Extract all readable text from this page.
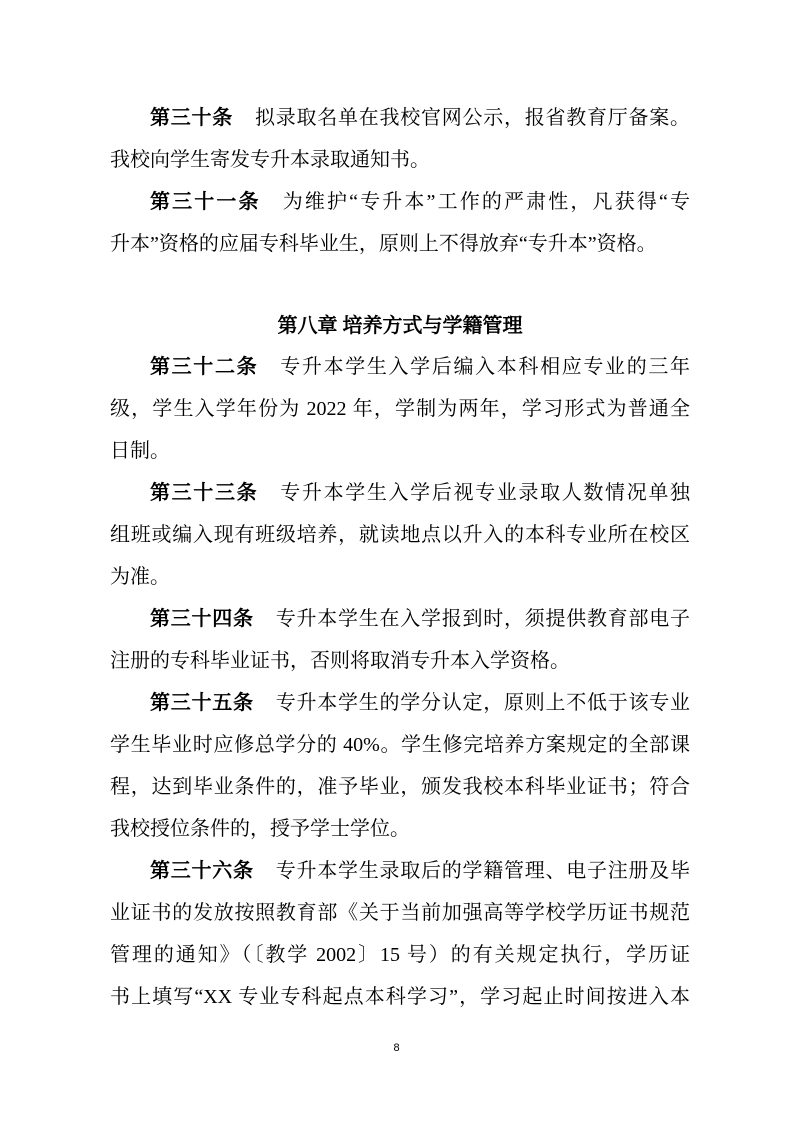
第三十条 拟录取名单在我校官网公示，报省教育厅备案。
我校向学生寄发专升本录取通知书。
第三十一条 为维护“专升本”工作的严肃性，凡获得“专
升本”资格的应届专科毕业生，原则上不得放弃“专升本”资格。
第八章 培养方式与学籍管理
第三十二条 专升本学生入学后编入本科相应专业的三年
级，学生入学年份为 2022 年，学制为两年，学习形式为普通全
日制。
第三十三条 专升本学生入学后视专业录取人数情况单独
组班或编入现有班级培养，就读地点以升入的本科专业所在校区
为准。
第三十四条 专升本学生在入学报到时，须提供教育部电子
注册的专科毕业证书，否则将取消专升本入学资格。
第三十五条 专升本学生的学分认定，原则上不低于该专业
学生毕业时应修总学分的 40%。学生修完培养方案规定的全部课
程，达到毕业条件的，准予毕业，颁发我校本科毕业证书；符合
我校授位条件的，授予学士学位。
第三十六条 专升本学生录取后的学籍管理、电子注册及毕
业证书的发放按照教育部《关于当前加强高等学校学历证书规范
管理的通知》（〔教学 2002〕15 号）的有关规定执行，学历证
书上填写“XX 专业专科起点本科学习”，学习起止时间按进入本
8
